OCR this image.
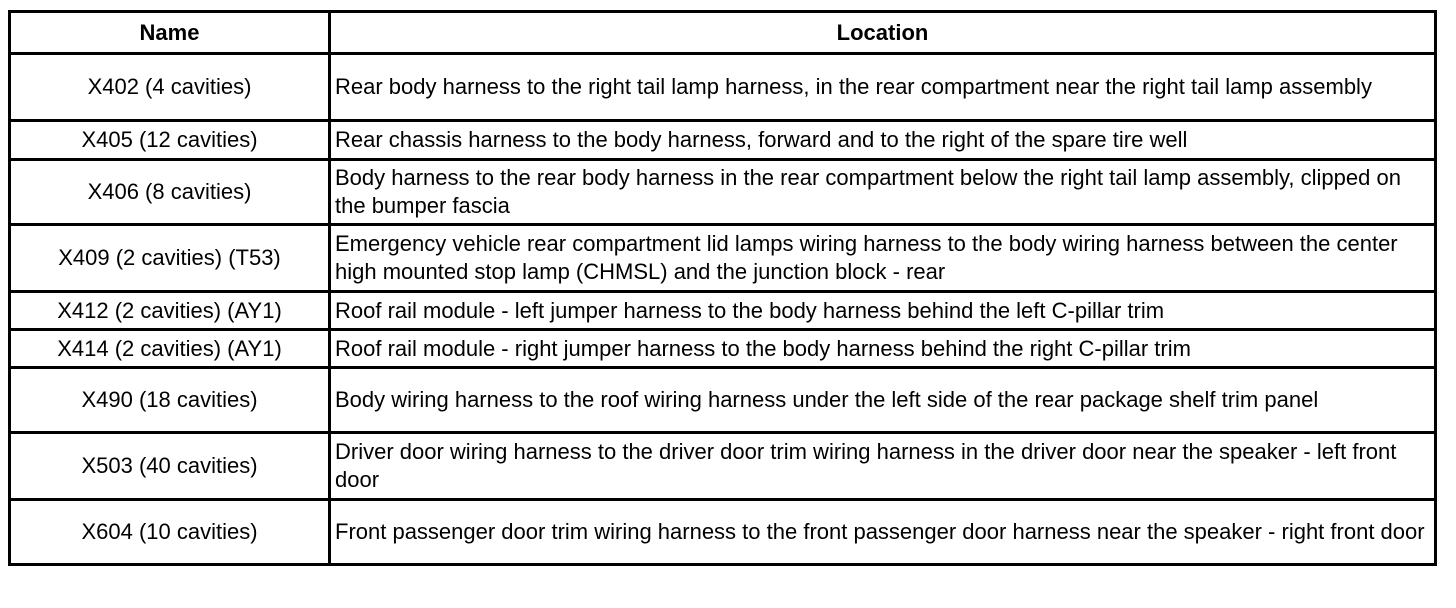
Name	Location
X402 (4 cavities)	Rear body harness to the right tail lamp harness, in the rear compartment near the right tail lamp assembly
X405 (12 cavities)	Rear chassis harness to the body harness, forward and to the right of the spare tire well
X406 (8 cavities)	Body harness to the rear body harness in the rear compartment below the right tail lamp assembly, clipped on the bumper fascia
X409 (2 cavities) (T53)	Emergency vehicle rear compartment lid lamps wiring harness to the body wiring harness between the center high mounted stop lamp (CHMSL) and the junction block - rear
X412 (2 cavities) (AY1)	Roof rail module - left jumper harness to the body harness behind the left C-pillar trim
X414 (2 cavities) (AY1)	Roof rail module - right jumper harness to the body harness behind the right C-pillar trim
X490 (18 cavities)	Body wiring harness to the roof wiring harness under the left side of the rear package shelf trim panel
X503 (40 cavities)	Driver door wiring harness to the driver door trim wiring harness in the driver door near the speaker - left front door
X604 (10 cavities)	Front passenger door trim wiring harness to the front passenger door harness near the speaker - right front door
